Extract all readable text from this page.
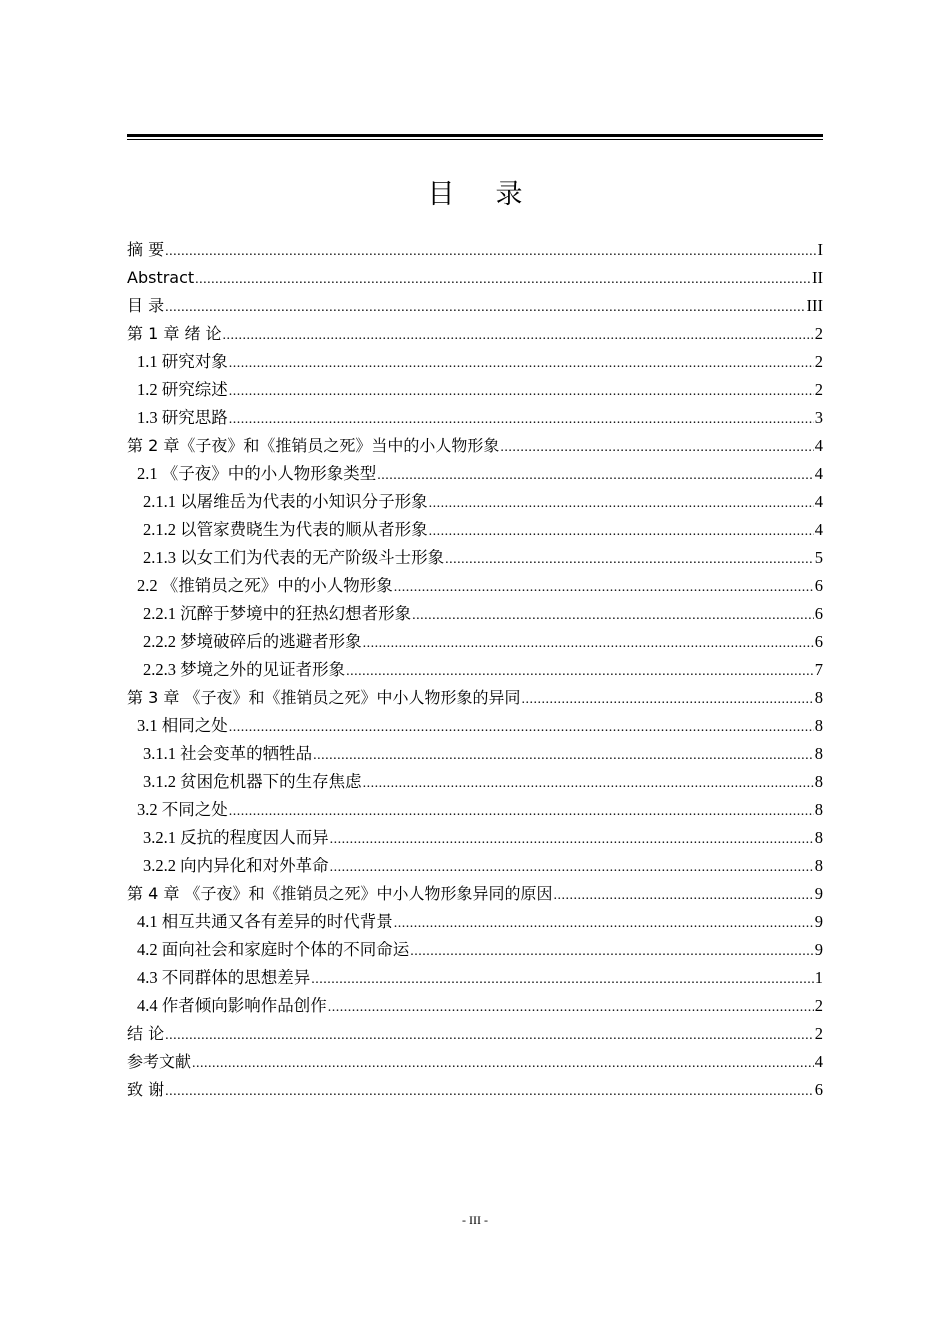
目 录
摘 要 .....	I
Abstract .....	II
目 录 .....	III
第 1 章 绪 论 .....	2
1.1 研究对象 .....	2
1.2 研究综述 .....	2
1.3 研究思路 .....	3
第 2 章《子夜》和《推销员之死》当中的小人物形象 .....	4
2.1 《子夜》中的小人物形象类型 .....	4
2.1.1 以屠维岳为代表的小知识分子形象 .....	4
2.1.2 以管家费晓生为代表的顺从者形象 .....	4
2.1.3 以女工们为代表的无产阶级斗士形象 .....	5
2.2 《推销员之死》中的小人物形象 .....	6
2.2.1 沉醉于梦境中的狂热幻想者形象 .....	6
2.2.2 梦境破碎后的逃避者形象 .....	6
2.2.3 梦境之外的见证者形象 .....	7
第 3 章 《子夜》和《推销员之死》中小人物形象的异同 .....	8
3.1 相同之处 .....	8
3.1.1 社会变革的牺牲品 .....	8
3.1.2 贫困危机器下的生存焦虑 .....	8
3.2 不同之处 .....	8
3.2.1 反抗的程度因人而异 .....	8
3.2.2 向内异化和对外革命 .....	8
第 4 章 《子夜》和《推销员之死》中小人物形象异同的原因 .....	9
4.1 相互共通又各有差异的时代背景 .....	9
4.2 面向社会和家庭时个体的不同命运 .....	9
4.3 不同群体的思想差异 .....	1
4.4 作者倾向影响作品创作 .....	2
结 论 .....	2
参考文献 .....	4
致 谢 .....	6
- III -
